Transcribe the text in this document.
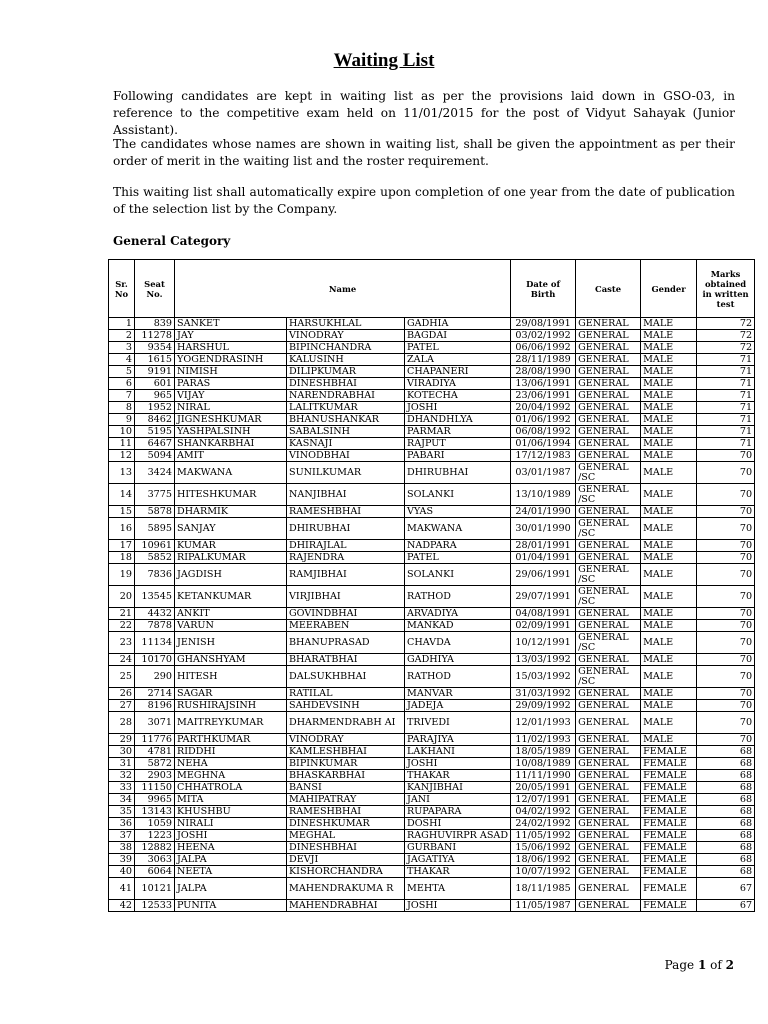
Waiting List
Following candidates are kept in waiting list as per the provisions laid down in GSO-03, in reference to the competitive exam held on 11/01/2015 for the post of Vidyut Sahayak (Junior Assistant).
The candidates whose names are shown in waiting list, shall be given the appointment as per their order of merit in the waiting list and the roster requirement.
This waiting list shall automatically expire upon completion of one year from the date of publication of the selection list by the Company.
General Category
Sr. No	Seat No.	Name			Date of Birth	Caste	Gender	Marks obtained in written test
1	839	SANKET	HARSUKHLAL	GADHIA	29/08/1991	GENERAL	MALE	72
2	11278	JAY	VINODRAY	BAGDAI	03/02/1992	GENERAL	MALE	72
3	9354	HARSHUL	BIPINCHANDRA	PATEL	06/06/1992	GENERAL	MALE	72
4	1615	YOGENDRASINH	KALUSINH	ZALA	28/11/1989	GENERAL	MALE	71
5	9191	NIMISH	DILIPKUMAR	CHAPANERI	28/08/1990	GENERAL	MALE	71
6	601	PARAS	DINESHBHAI	VIRADIYA	13/06/1991	GENERAL	MALE	71
7	965	VIJAY	NARENDRABHAI	KOTECHA	23/06/1991	GENERAL	MALE	71
8	1952	NIRAL	LALITKUMAR	JOSHI	20/04/1992	GENERAL	MALE	71
9	8462	JIGNESHKUMAR	BHANUSHANKAR	DHANDHLYA	01/06/1992	GENERAL	MALE	71
10	5195	YASHPALSINH	SABALSINH	PARMAR	06/08/1992	GENERAL	MALE	71
11	6467	SHANKARBHAI	KASNAJI	RAJPUT	01/06/1994	GENERAL	MALE	71
12	5094	AMIT	VINODBHAI	PABARI	17/12/1983	GENERAL	MALE	70
13	3424	MAKWANA	SUNILKUMAR	DHIRUBHAI	03/01/1987	GENERAL /SC	MALE	70
14	3775	HITESHKUMAR	NANJIBHAI	SOLANKI	13/10/1989	GENERAL /SC	MALE	70
15	5878	DHARMIK	RAMESHBHAI	VYAS	24/01/1990	GENERAL	MALE	70
16	5895	SANJAY	DHIRUBHAI	MAKWANA	30/01/1990	GENERAL /SC	MALE	70
17	10961	KUMAR	DHIRAJLAL	NADPARA	28/01/1991	GENERAL	MALE	70
18	5852	RIPALKUMAR	RAJENDRA	PATEL	01/04/1991	GENERAL	MALE	70
19	7836	JAGDISH	RAMJIBHAI	SOLANKI	29/06/1991	GENERAL /SC	MALE	70
20	13545	KETANKUMAR	VIRJIBHAI	RATHOD	29/07/1991	GENERAL /SC	MALE	70
21	4432	ANKIT	GOVINDBHAI	ARVADIYA	04/08/1991	GENERAL	MALE	70
22	7878	VARUN	MEERABEN	MANKAD	02/09/1991	GENERAL	MALE	70
23	11134	JENISH	BHANUPRASAD	CHAVDA	10/12/1991	GENERAL /SC	MALE	70
24	10170	GHANSHYAM	BHARATBHAI	GADHIYA	13/03/1992	GENERAL	MALE	70
25	290	HITESH	DALSUKHBHAI	RATHOD	15/03/1992	GENERAL /SC	MALE	70
26	2714	SAGAR	RATILAL	MANVAR	31/03/1992	GENERAL	MALE	70
27	8196	RUSHIRAJSINH	SAHDEVSINH	JADEJA	29/09/1992	GENERAL	MALE	70
28	3071	MAITREYKUMAR	DHARMENDRABH AI	TRIVEDI	12/01/1993	GENERAL	MALE	70
29	11776	PARTHKUMAR	VINODRAY	PARAJIYA	11/02/1993	GENERAL	MALE	70
30	4781	RIDDHI	KAMLESHBHAI	LAKHANI	18/05/1989	GENERAL	FEMALE	68
31	5872	NEHA	BIPINKUMAR	JOSHI	10/08/1989	GENERAL	FEMALE	68
32	2903	MEGHNA	BHASKARBHAI	THAKAR	11/11/1990	GENERAL	FEMALE	68
33	11150	CHHATROLA	BANSI	KANJIBHAI	20/05/1991	GENERAL	FEMALE	68
34	9965	MITA	MAHIPATRAY	JANI	12/07/1991	GENERAL	FEMALE	68
35	13143	KHUSHBU	RAMESHBHAI	RUPAPARA	04/02/1992	GENERAL	FEMALE	68
36	1059	NIRALI	DINESHKUMAR	DOSHI	24/02/1992	GENERAL	FEMALE	68
37	1223	JOSHI	MEGHAL	RAGHUVIRPR ASAD	11/05/1992	GENERAL	FEMALE	68
38	12882	HEENA	DINESHBHAI	GURBANI	15/06/1992	GENERAL	FEMALE	68
39	3063	JALPA	DEVJI	JAGATIYA	18/06/1992	GENERAL	FEMALE	68
40	6064	NEETA	KISHORCHANDRA	THAKAR	10/07/1992	GENERAL	FEMALE	68
41	10121	JALPA	MAHENDRAKUMA R	MEHTA	18/11/1985	GENERAL	FEMALE	67
42	12533	PUNITA	MAHENDRABHAI	JOSHI	11/05/1987	GENERAL	FEMALE	67
Page 1 of 2
